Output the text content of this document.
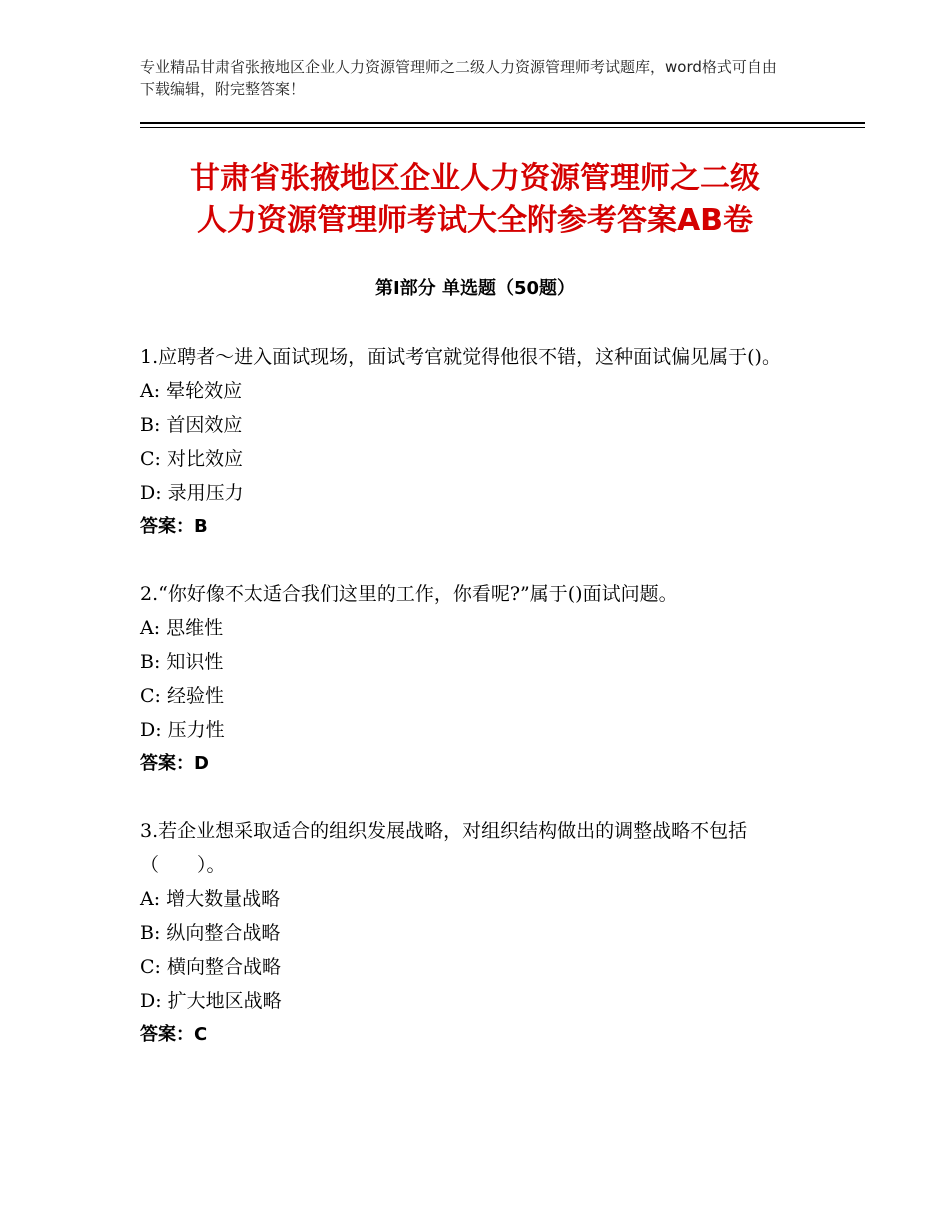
专业精品甘肃省张掖地区企业人力资源管理师之二级人力资源管理师考试题库，word格式可自由下载编辑，附完整答案！
甘肃省张掖地区企业人力资源管理师之二级
人力资源管理师考试大全附参考答案AB卷
第Ⅰ部分 单选题（50题）
1.应聘者～进入面试现场，面试考官就觉得他很不错，这种面试偏见属于()。
A: 晕轮效应
B: 首因效应
C: 对比效应
D: 录用压力
答案：B
2.“你好像不太适合我们这里的工作，你看呢?”属于()面试问题。
A: 思维性
B: 知识性
C: 经验性
D: 压力性
答案：D
3.若企业想采取适合的组织发展战略，对组织结构做出的调整战略不包括（　　）。
A: 增大数量战略
B: 纵向整合战略
C: 横向整合战略
D: 扩大地区战略
答案：C
